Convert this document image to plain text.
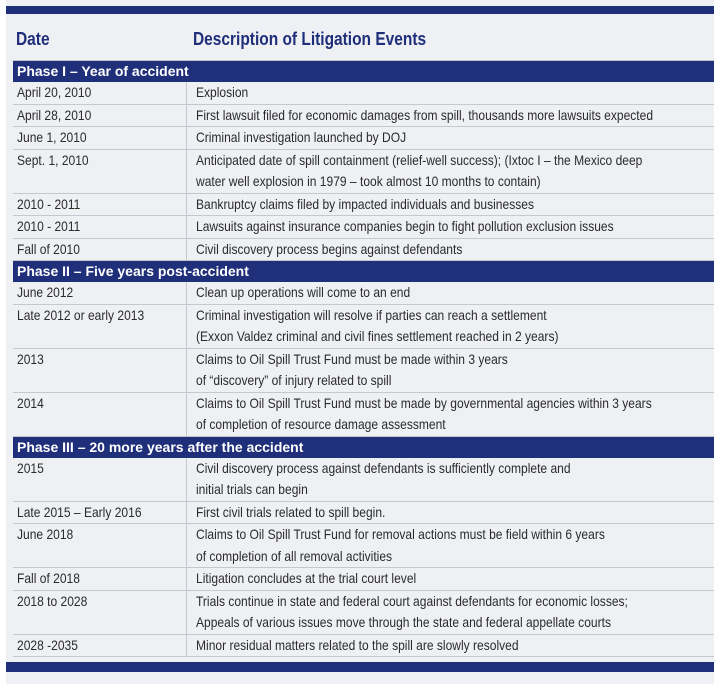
Date	Description of Litigation Events
Phase I – Year of accident
April 20, 2010	Explosion
April 28, 2010	First lawsuit filed for economic damages from spill, thousands more lawsuits expected
June 1, 2010	Criminal investigation launched by DOJ
Sept. 1, 2010	Anticipated date of spill containment (relief-well success); (Ixtoc I – the Mexico deep
water well explosion in 1979 – took almost 10 months to contain)
2010 - 2011	Bankruptcy claims filed by impacted individuals and businesses
2010 - 2011	Lawsuits against insurance companies begin to fight pollution exclusion issues
Fall of 2010	Civil discovery process begins against defendants
Phase II – Five years post-accident
June 2012	Clean up operations will come to an end
Late 2012 or early 2013	Criminal investigation will resolve if parties can reach a settlement
(Exxon Valdez criminal and civil fines settlement reached in 2 years)
2013	Claims to Oil Spill Trust Fund must be made within 3 years
of “discovery” of injury related to spill
2014	Claims to Oil Spill Trust Fund must be made by governmental agencies within 3 years
of completion of resource damage assessment
Phase III – 20 more years after the accident
2015	Civil discovery process against defendants is sufficiently complete and
initial trials can begin
Late 2015 – Early 2016	First civil trials related to spill begin.
June 2018	Claims to Oil Spill Trust Fund for removal actions must be field within 6 years
of completion of all removal activities
Fall of 2018	Litigation concludes at the trial court level
2018 to 2028	Trials continue in state and federal court against defendants for economic losses;
Appeals of various issues move through the state and federal appellate courts
2028 -2035	Minor residual matters related to the spill are slowly resolved
